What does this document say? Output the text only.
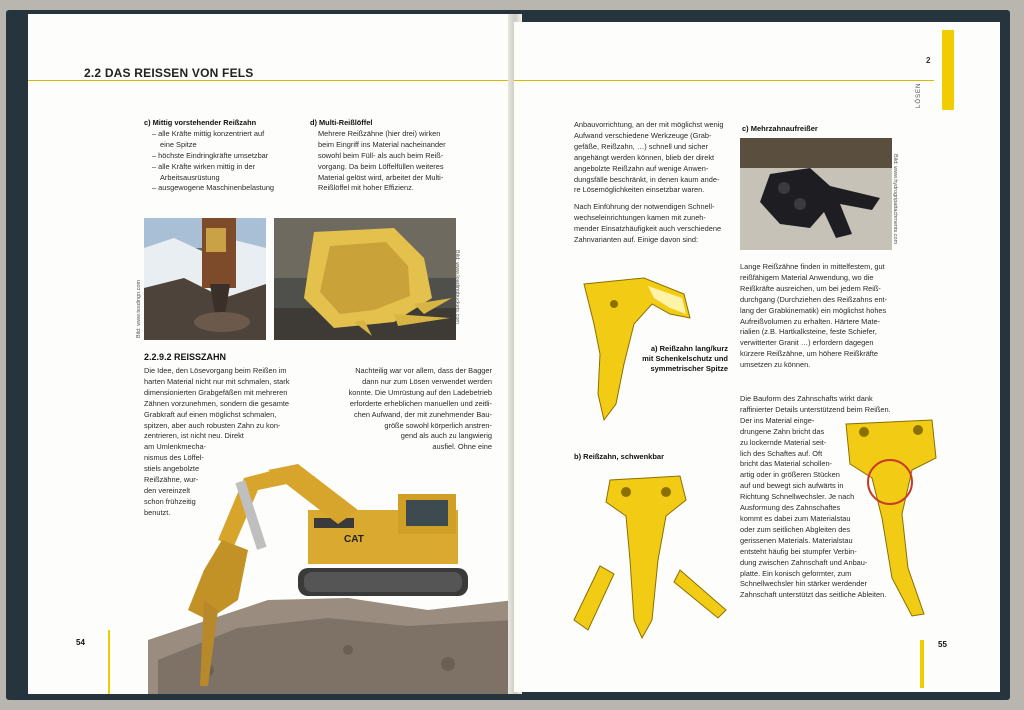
2.2 DAS REISSEN VON FELS
c) Mittig vorstehender Reißzahn
– alle Kräfte mittig konzentriert auf
eine Spitze
– höchste Eindringkräfte umsetzbar
– alle Kräfte wirken mittig in der
Arbeitsausrüstung
– ausgewogene Maschinenbelastung
d) Multi-Reißlöffel
Mehrere Reißzähne (hier drei) wirken
beim Eingriff ins Material nacheinander
sowohl beim Füll- als auch beim Reiß-
vorgang. Da beim Löffelfüllen weiteres
Material gelöst wird, arbeitet der Multi-
Reißlöffel mit hoher Effizienz.
Bild: www.tesdingn.com	Bild: www.loadingbuckets.com
2.2.9.2 REISSZAHN
Die Idee, den Lösevorgang beim Reißen im
harten Material nicht nur mit schmalen, stark
dimensionierten Grabgefäßen mit mehreren
Zähnen vorzunehmen, sondern die gesamte
Grabkraft auf einen möglichst schmalen,
spitzen, aber auch robusten Zahn zu kon-
zentrieren, ist nicht neu. Direkt
am Umlenkmecha-
nismus des Löffel-
stiels angebolzte
Reißzähne, wur-
den vereinzelt
schon frühzeitig
benutzt.
Nachteilig war vor allem, dass der Bagger
dann nur zum Lösen verwendet werden
konnte. Die Umrüstung auf den Ladebetrieb
erforderte erheblichen manuellen und zeitli-
chen Aufwand, der mit zunehmender Bau-
größe sowohl körperlich anstren-
gend als auch zu langwierig
ausfiel. Ohne eine
CAT
54
2
LÖSEN
Anbauvorrichtung, an der mit möglichst wenig
Aufwand verschiedene Werkzeuge (Grab-
gefäße, Reißzahn, …) schnell und sicher
angehängt werden können, blieb der direkt
angebolzte Reißzahn auf wenige Anwen-
dungsfälle beschränkt, in denen kaum ande-
re Lösemöglichkeiten einsetzbar waren.
Nach Einführung der notwendigen Schnell-
wechseleinrichtungen kamen mit zuneh-
mender Einsatzhäufigkeit auch verschiedene
Zahnvarianten auf. Einige davon sind:
a) Reißzahn lang/kurz
mit Schenkelschutz und
symmetrischer Spitze
b) Reißzahn, schwenkbar
c) Mehrzahnaufreißer
Bild: www.hydrogripattachments.com
Lange Reißzähne finden in mittelfestem, gut
reißfähigem Material Anwendung, wo die
Reißkräfte ausreichen, um bei jedem Reiß-
durchgang (Durchziehen des Reißzahns ent-
lang der Grabkinematik) ein möglichst hohes
Aufreißvolumen zu erhalten. Härtere Mate-
rialien (z.B. Hartkalksteine, feste Schiefer,
verwitterter Granit …) erfordern dagegen
kürzere Reißzähne, um höhere Reißkräfte
umsetzen zu können.
Die Bauform des Zahnschafts wirkt dank
raffinierter Details unterstützend beim Reißen.
Der ins Material einge-
drungene Zahn bricht das
zu lockernde Material seit-
lich des Schaftes auf. Oft
bricht das Material schollen-
artig oder in größeren Stücken
auf und bewegt sich aufwärts in
Richtung Schnellwechsler. Je nach
Ausformung des Zahnschaftes
kommt es dabei zum Materialstau
oder zum seitlichen Abgleiten des
gerissenen Materials. Materialstau
entsteht häufig bei stumpfer Verbin-
dung zwischen Zahnschaft und Anbau-
platte. Ein konisch geformter, zum
Schnellwechsler hin stärker werdender
Zahnschaft unterstützt das seitliche Ableiten.
55
